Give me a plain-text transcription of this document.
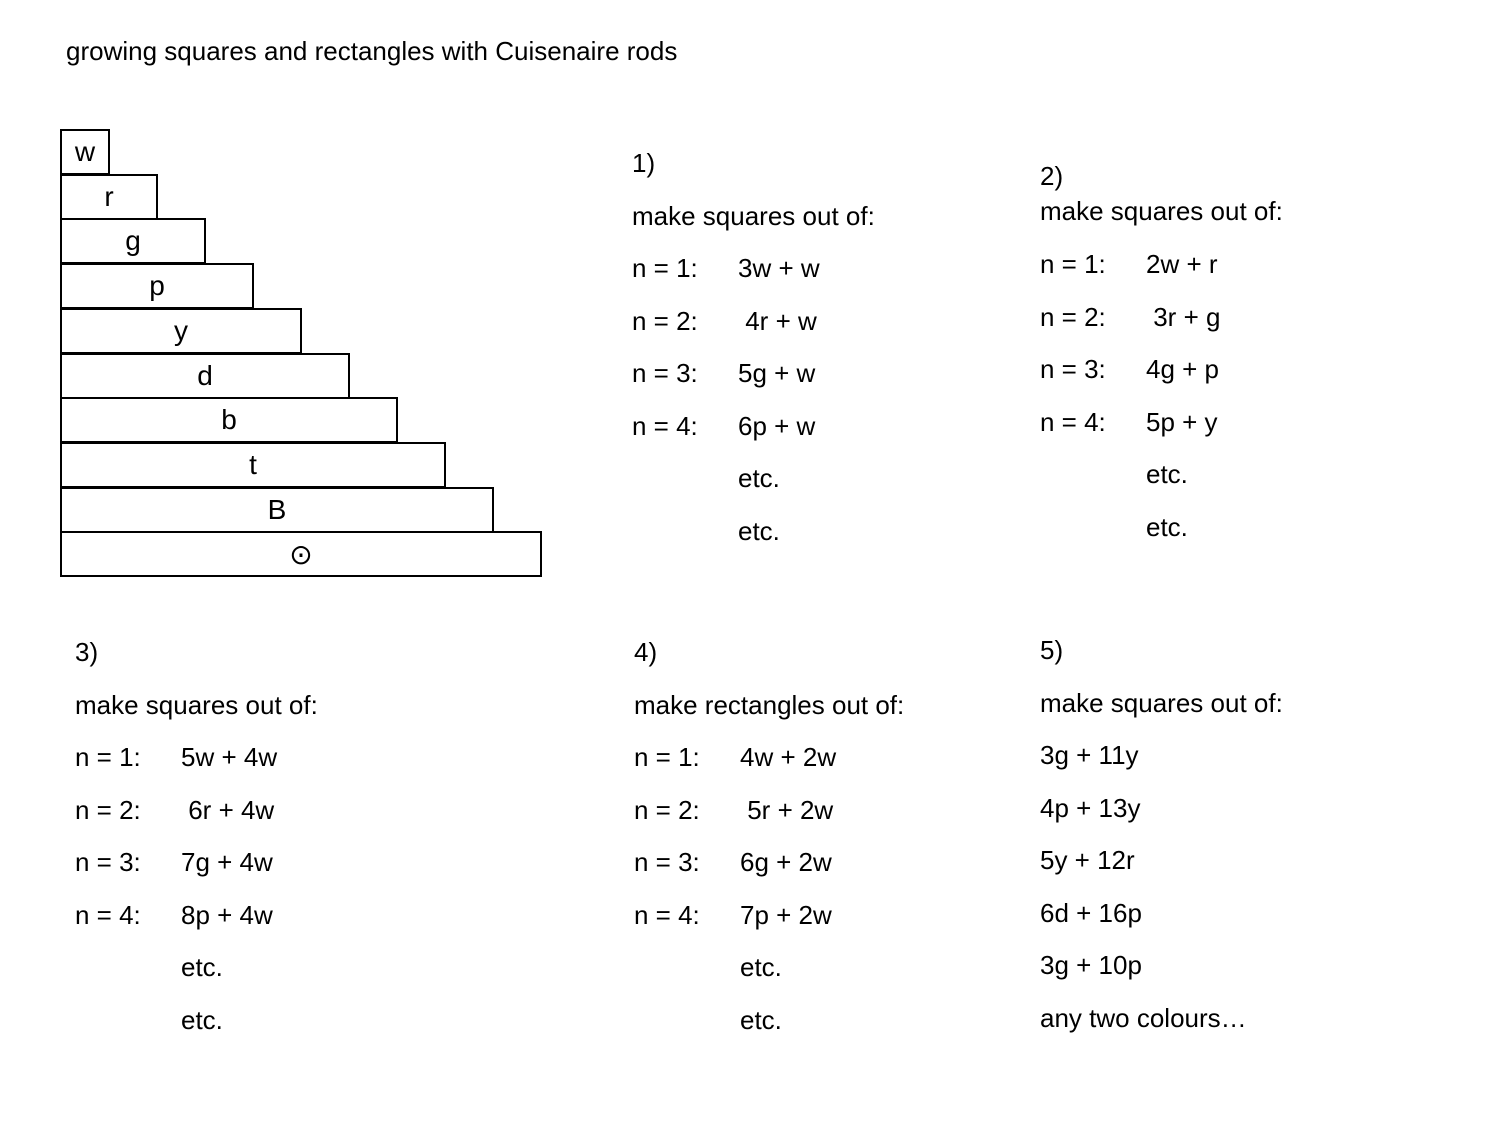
growing squares and rectangles with Cuisenaire rods
w
r
g
p
y
d
b
t
B
⊙
1)
make squares out of:
n = 1: 3w + w
n = 2: 4r + w
n = 3: 5g + w
n = 4: 6p + w
etc.
etc.
2)
make squares out of:
n = 1: 2w + r
n = 2: 3r + g
n = 3: 4g + p
n = 4: 5p + y
etc.
etc.
3)
make squares out of:
n = 1: 5w + 4w
n = 2: 6r + 4w
n = 3: 7g + 4w
n = 4: 8p + 4w
etc.
etc.
4)
make rectangles out of:
n = 1: 4w + 2w
n = 2: 5r + 2w
n = 3: 6g + 2w
n = 4: 7p + 2w
etc.
etc.
5)
make squares out of:
3g + 11y
4p + 13y
5y + 12r
6d + 16p
3g + 10p
any two colours…
